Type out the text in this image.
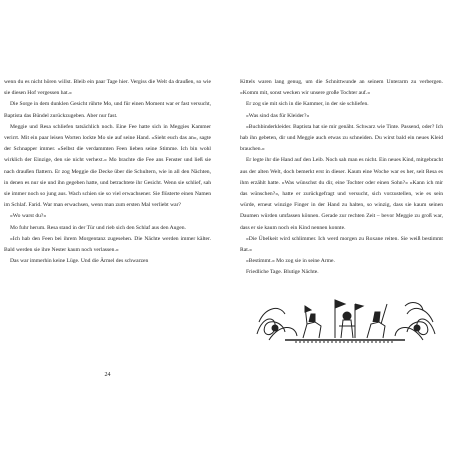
wenn du es nicht hören willst. Bleib ein paar Tage hier. Vergiss die Welt da draußen, so wie sie diesen Hof vergessen hat.«

Die Sorge in dem dunklen Gesicht rührte Mo, und für einen Moment war er fast versucht, Baptista das Bündel zurückzugeben. Aber nur fast.

Meggie und Resa schliefen tatsächlich noch. Eine Fee hatte sich in Meggies Kammer verirrt. Mit ein paar leisen Worten lockte Mo sie auf seine Hand. »Sieht euch das an«, sagte der Schnapper immer. »Selbst die verdammten Feen lieben seine Stimme. Ich bin wohl wirklich der Einzige, den sie nicht verhext.« Mo brachte die Fee ans Fenster und ließ sie nach draußen flattern. Er zog Meggie die Decke über die Schultern, wie in all den Nächten, in denen es nur sie und ihn gegeben hatte, und betrachtete ihr Gesicht. Wenn sie schlief, sah sie immer noch so jung aus. Wach schien sie so viel erwachsener. Sie flüsterte einen Namen im Schlaf. Farid. War man erwachsen, wenn man zum ersten Mal verliebt war?

»Wo warst du?«

Mo fuhr herum. Resa stand in der Tür und rieb sich den Schlaf aus den Augen.

»Ich hab den Feen bei ihrem Morgentanz zugesehen. Die Nächte werden immer kälter. Bald werden sie ihre Nester kaum noch verlassen.«

Das war immerhin keine Lüge. Und die Ärmel des schwarzen

24

Kittels waren lang genug, um die Schnittwunde an seinem Unterarm zu verbergen. »Komm mit, sonst wecken wir unsere große Tochter auf.«

Er zog sie mit sich in die Kammer, in der sie schliefen.

»Was sind das für Kleider?«

»Buchbinderkleider. Baptista hat sie mir genäht. Schwarz wie Tinte. Passend, oder? Ich hab ihn gebeten, dir und Meggie auch etwas zu schneiden. Du wirst bald ein neues Kleid brauchen.«

Er legte ihr die Hand auf den Leib. Noch sah man es nicht. Ein neues Kind, mitgebracht aus der alten Welt, doch bemerkt erst in dieser. Kaum eine Woche war es her, seit Resa es ihm erzählt hatte. »Was wünschst du dir, eine Tochter oder einen Sohn?« »Kann ich mir das wünschen?«, hatte er zurückgefragt und versucht, sich vorzustellen, wie es sein würde, erneut winzige Finger in der Hand zu halten, so winzig, dass sie kaum seinen Daumen würden umfassen können. Gerade zur rechten Zeit – bevor Meggie zu groß war, dass er sie kaum noch ein Kind nennen konnte.

»Die Übelkeit wird schlimmer. Ich werd morgen zu Roxane reiten. Sie weiß bestimmt Rat.«

»Bestimmt.« Mo zog sie in seine Arme.

Friedliche Tage. Blutige Nächte.
